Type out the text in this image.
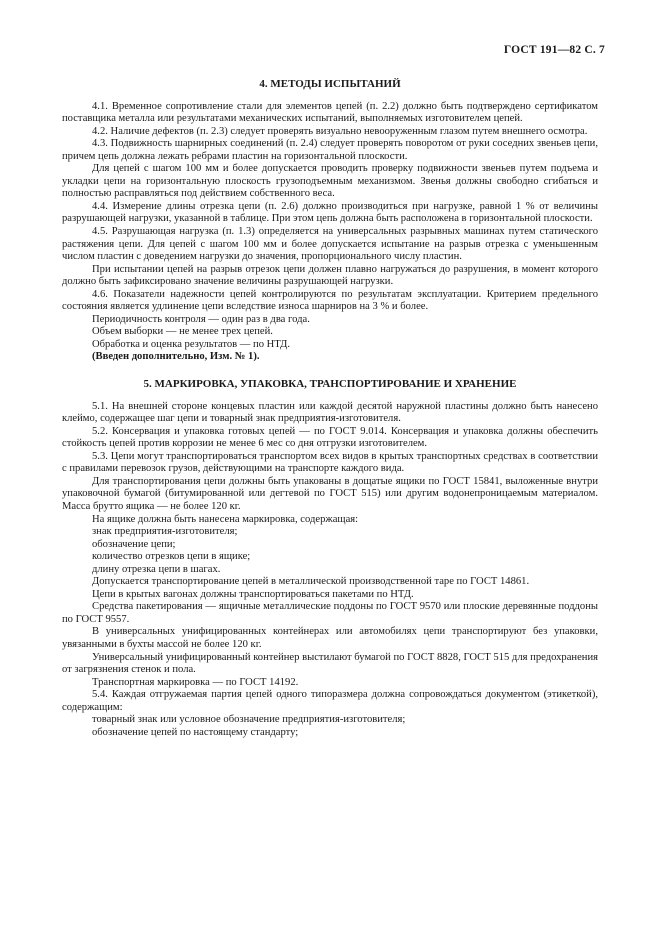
ГОСТ 191—82 С. 7
4. МЕТОДЫ ИСПЫТАНИЙ

4.1. Временное сопротивление стали для элементов цепей (п. 2.2) должно быть подтверждено сертификатом поставщика металла или результатами механических испытаний, выполняемых изготовителем цепей.

4.2. Наличие дефектов (п. 2.3) следует проверять визуально невооруженным глазом путем внешнего осмотра.

4.3. Подвижность шарнирных соединений (п. 2.4) следует проверять поворотом от руки соседних звеньев цепи, причем цепь должна лежать ребрами пластин на горизонтальной плоскости.

Для цепей с шагом 100 мм и более допускается проводить проверку подвижности звеньев путем подъема и укладки цепи на горизонтальную плоскость грузоподъемным механизмом. Звенья должны свободно сгибаться и полностью расправляться под действием собственного веса.

4.4. Измерение длины отрезка цепи (п. 2.6) должно производиться при нагрузке, равной 1 % от величины разрушающей нагрузки, указанной в таблице. При этом цепь должна быть расположена в горизонтальной плоскости.

4.5. Разрушающая нагрузка (п. 1.3) определяется на универсальных разрывных машинах путем статического растяжения цепи. Для цепей с шагом 100 мм и более допускается испытание на разрыв отрезка с уменьшенным числом пластин с доведением нагрузки до значения, пропорционального числу пластин.

При испытании цепей на разрыв отрезок цепи должен плавно нагружаться до разрушения, в момент которого должно быть зафиксировано значение величины разрушающей нагрузки.

4.6. Показатели надежности цепей контролируются по результатам эксплуатации. Критерием предельного состояния является удлинение цепи вследствие износа шарниров на 3 % и более.

Периодичность контроля — один раз в два года.

Объем выборки — не менее трех цепей.

Обработка и оценка результатов — по НТД.

(Введен дополнительно, Изм. № 1).

5. МАРКИРОВКА, УПАКОВКА, ТРАНСПОРТИРОВАНИЕ И ХРАНЕНИЕ

5.1. На внешней стороне концевых пластин или каждой десятой наружной пластины должно быть нанесено клеймо, содержащее шаг цепи и товарный знак предприятия-изготовителя.

5.2. Консервация и упаковка готовых цепей — по ГОСТ 9.014. Консервация и упаковка должны обеспечить стойкость цепей против коррозии не менее 6 мес со дня отгрузки изготовителем.

5.3. Цепи могут транспортироваться транспортом всех видов в крытых транспортных средствах в соответствии с правилами перевозок грузов, действующими на транспорте каждого вида.

Для транспортирования цепи должны быть упакованы в дощатые ящики по ГОСТ 15841, выложенные внутри упаковочной бумагой (битумированной или дегтевой по ГОСТ 515) или другим водонепроницаемым материалом. Масса брутто ящика — не более 120 кг.

На ящике должна быть нанесена маркировка, содержащая:

знак предприятия-изготовителя;

обозначение цепи;

количество отрезков цепи в ящике;

длину отрезка цепи в шагах.

Допускается транспортирование цепей в металлической производственной таре по ГОСТ 14861.

Цепи в крытых вагонах должны транспортироваться пакетами по НТД.

Средства пакетирования — ящичные металлические поддоны по ГОСТ 9570 или плоские деревянные поддоны по ГОСТ 9557.

В универсальных унифицированных контейнерах или автомобилях цепи транспортируют без упаковки, увязанными в бухты массой не более 120 кг.

Универсальный унифицированный контейнер выстилают бумагой по ГОСТ 8828, ГОСТ 515 для предохранения от загрязнения стенок и пола.

Транспортная маркировка — по ГОСТ 14192.

5.4. Каждая отгружаемая партия цепей одного типоразмера должна сопровождаться документом (этикеткой), содержащим:

товарный знак или условное обозначение предприятия-изготовителя;

обозначение цепей по настоящему стандарту;
